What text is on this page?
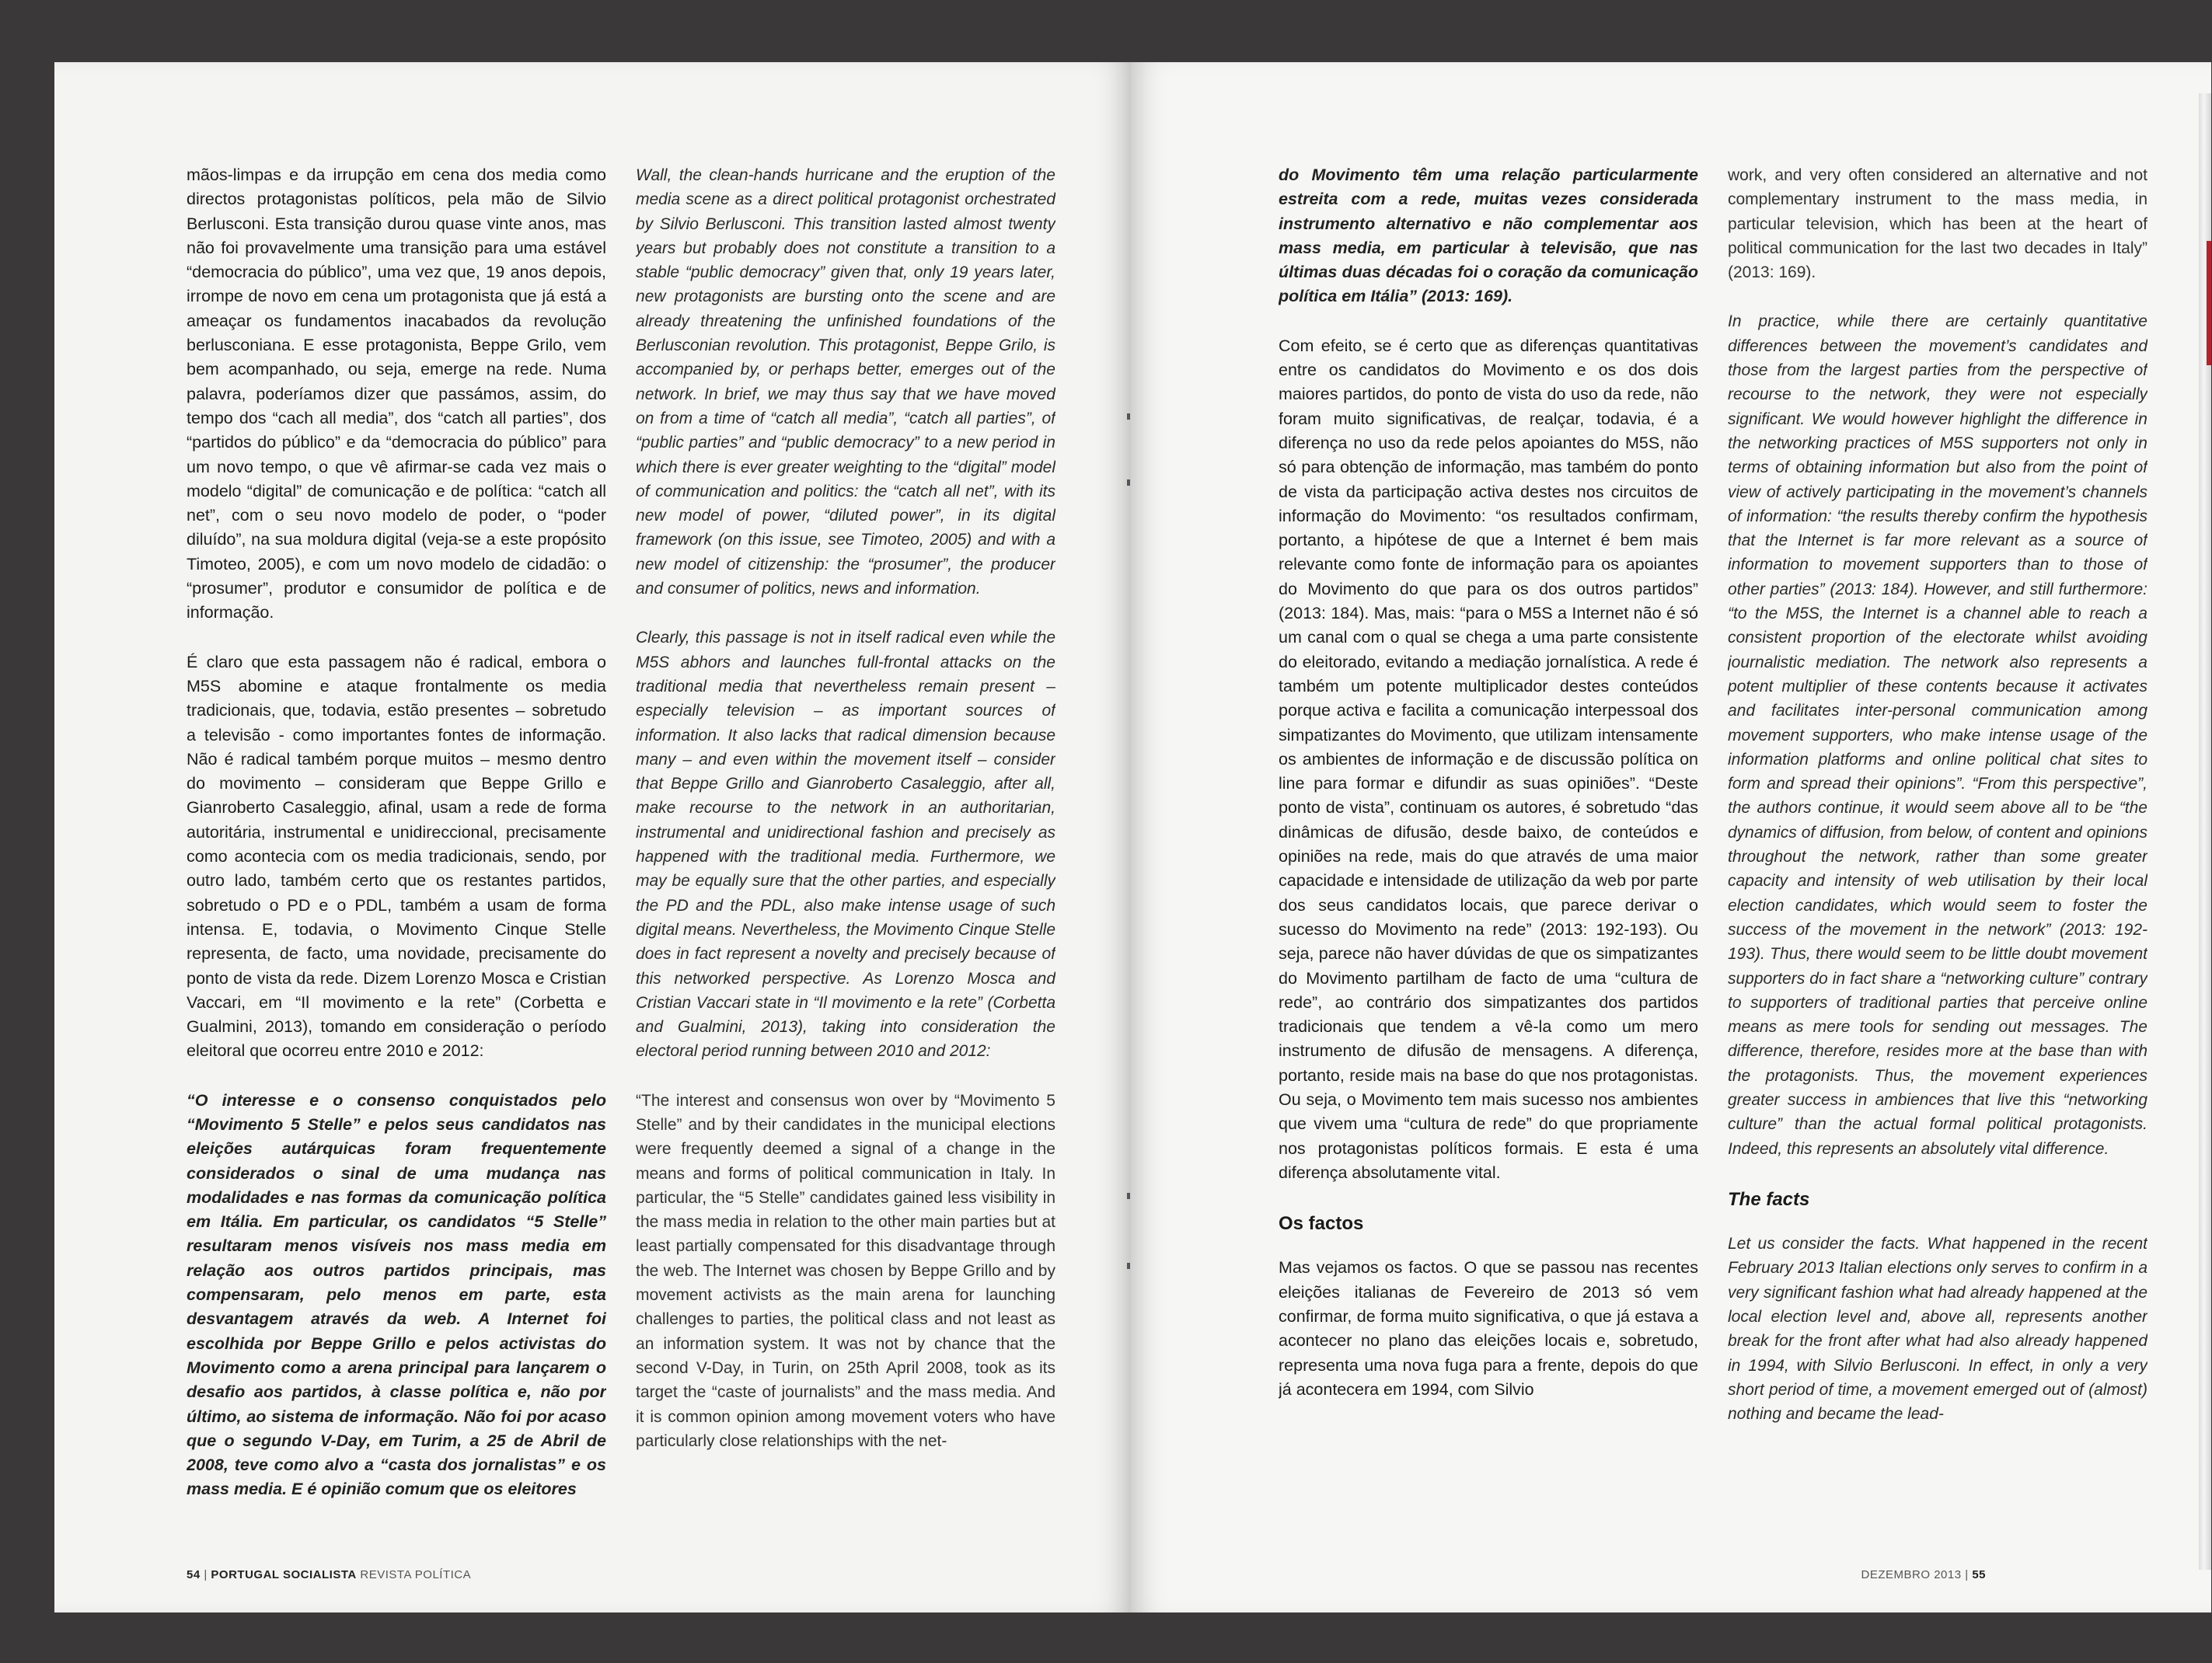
mãos-limpas e da irrupção em cena dos media como directos protagonistas políticos, pela mão de Silvio Berlusconi. Esta transição durou quase vinte anos, mas não foi provavelmente uma transição para uma estável “democracia do público”, uma vez que, 19 anos depois, irrompe de novo em cena um protagonista que já está a ameaçar os fundamentos inacabados da revolução berlusconiana. E esse protagonista, Beppe Grilo, vem bem acompanhado, ou seja, emerge na rede. Numa palavra, poderíamos dizer que passámos, assim, do tempo dos “cach all media”, dos “catch all parties”, dos “partidos do público” e da “democracia do público” para um novo tempo, o que vê afirmar-se cada vez mais o modelo “digital” de comunicação e de política: “catch all net”, com o seu novo modelo de poder, o “poder diluído”, na sua moldura digital (veja-se a este propósito Timoteo, 2005), e com um novo modelo de cidadão: o “prosumer”, produtor e consumidor de política e de informação.

É claro que esta passagem não é radical, embora o M5S abomine e ataque frontalmente os media tradicionais, que, todavia, estão presentes – sobretudo a televisão - como importantes fontes de informação. Não é radical também porque muitos – mesmo dentro do movimento – consideram que Beppe Grillo e Gianroberto Casaleggio, afinal, usam a rede de forma autoritária, instrumental e unidireccional, precisamente como acontecia com os media tradicionais, sendo, por outro lado, também certo que os restantes partidos, sobretudo o PD e o PDL, também a usam de forma intensa. E, todavia, o Movimento Cinque Stelle representa, de facto, uma novidade, precisamente do ponto de vista da rede. Dizem Lorenzo Mosca e Cristian Vaccari, em “Il movimento e la rete” (Corbetta e Gualmini, 2013), tomando em consideração o período eleitoral que ocorreu entre 2010 e 2012:

“O interesse e o consenso conquistados pelo “Movimento 5 Stelle” e pelos seus candidatos nas eleições autárquicas foram frequentemente considerados o sinal de uma mudança nas modalidades e nas formas da comunicação política em Itália. Em particular, os candidatos “5 Stelle” resultaram menos visíveis nos mass media em relação aos outros partidos principais, mas compensaram, pelo menos em parte, esta desvantagem através da web. A Internet foi escolhida por Beppe Grillo e pelos activistas do Movimento como a arena principal para lançarem o desafio aos partidos, à classe política e, não por último, ao sistema de informação. Não foi por acaso que o segundo V-Day, em Turim, a 25 de Abril de 2008, teve como alvo a “casta dos jornalistas” e os mass media. E é opinião comum que os eleitores

Wall, the clean-hands hurricane and the eruption of the media scene as a direct political protagonist orchestrated by Silvio Berlusconi. This transition lasted almost twenty years but probably does not constitute a transition to a stable “public democracy” given that, only 19 years later, new protagonists are bursting onto the scene and are already threatening the unfinished foundations of the Berlusconian revolution. This protagonist, Beppe Grilo, is accompanied by, or perhaps better, emerges out of the network. In brief, we may thus say that we have moved on from a time of “catch all media”, “catch all parties”, of “public parties” and “public democracy” to a new period in which there is ever greater weighting to the “digital” model of communication and politics: the “catch all net”, with its new model of power, “diluted power”, in its digital framework (on this issue, see Timoteo, 2005) and with a new model of citizenship: the “prosumer”, the producer and consumer of politics, news and information.

Clearly, this passage is not in itself radical even while the M5S abhors and launches full-frontal attacks on the traditional media that nevertheless remain present – especially television – as important sources of information. It also lacks that radical dimension because many – and even within the movement itself – consider that Beppe Grillo and Gianroberto Casaleggio, after all, make recourse to the network in an authoritarian, instrumental and unidirectional fashion and precisely as happened with the traditional media. Furthermore, we may be equally sure that the other parties, and especially the PD and the PDL, also make intense usage of such digital means. Nevertheless, the Movimento Cinque Stelle does in fact represent a novelty and precisely because of this networked perspective. As Lorenzo Mosca and Cristian Vaccari state in “Il movimento e la rete” (Corbetta and Gualmini, 2013), taking into consideration the electoral period running between 2010 and 2012:

“The interest and consensus won over by “Movimento 5 Stelle” and by their candidates in the municipal elections were frequently deemed a signal of a change in the means and forms of political communication in Italy. In particular, the “5 Stelle” candidates gained less visibility in the mass media in relation to the other main parties but at least partially compensated for this disadvantage through the web. The Internet was chosen by Beppe Grillo and by movement activists as the main arena for launching challenges to parties, the political class and not least as an information system. It was not by chance that the second V-Day, in Turin, on 25th April 2008, took as its target the “caste of journalists” and the mass media. And it is common opinion among movement voters who have particularly close relationships with the net-

54 | PORTUGAL SOCIALISTA REVISTA POLÍTICA

do Movimento têm uma relação particularmente estreita com a rede, muitas vezes considerada instrumento alternativo e não complementar aos mass media, em particular à televisão, que nas últimas duas décadas foi o coração da comunicação política em Itália” (2013: 169).

Com efeito, se é certo que as diferenças quantitativas entre os candidatos do Movimento e os dos dois maiores partidos, do ponto de vista do uso da rede, não foram muito significativas, de realçar, todavia, é a diferença no uso da rede pelos apoiantes do M5S, não só para obtenção de informação, mas também do ponto de vista da participação activa destes nos circuitos de informação do Movimento: “os resultados confirmam, portanto, a hipótese de que a Internet é bem mais relevante como fonte de informação para os apoiantes do Movimento do que para os dos outros partidos” (2013: 184). Mas, mais: “para o M5S a Internet não é só um canal com o qual se chega a uma parte consistente do eleitorado, evitando a mediação jornalística. A rede é também um potente multiplicador destes conteúdos porque activa e facilita a comunicação interpessoal dos simpatizantes do Movimento, que utilizam intensamente os ambientes de informação e de discussão política on line para formar e difundir as suas opiniões”. “Deste ponto de vista”, continuam os autores, é sobretudo “das dinâmicas de difusão, desde baixo, de conteúdos e opiniões na rede, mais do que através de uma maior capacidade e intensidade de utilização da web por parte dos seus candidatos locais, que parece derivar o sucesso do Movimento na rede” (2013: 192-193). Ou seja, parece não haver dúvidas de que os simpatizantes do Movimento partilham de facto de uma “cultura de rede”, ao contrário dos simpatizantes dos partidos tradicionais que tendem a vê-la como um mero instrumento de difusão de mensagens. A diferença, portanto, reside mais na base do que nos protagonistas. Ou seja, o Movimento tem mais sucesso nos ambientes que vivem uma “cultura de rede” do que propriamente nos protagonistas políticos formais. E esta é uma diferença absolutamente vital.

Os factos

Mas vejamos os factos. O que se passou nas recentes eleições italianas de Fevereiro de 2013 só vem confirmar, de forma muito significativa, o que já estava a acontecer no plano das eleições locais e, sobretudo, representa uma nova fuga para a frente, depois do que já acontecera em 1994, com Silvio

work, and very often considered an alternative and not complementary instrument to the mass media, in particular television, which has been at the heart of political communication for the last two decades in Italy” (2013: 169).

In practice, while there are certainly quantitative differences between the movement’s candidates and those from the largest parties from the perspective of recourse to the network, they were not especially significant. We would however highlight the difference in the networking practices of M5S supporters not only in terms of obtaining information but also from the point of view of actively participating in the movement’s channels of information: “the results thereby confirm the hypothesis that the Internet is far more relevant as a source of information to movement supporters than to those of other parties” (2013: 184). However, and still furthermore: “to the M5S, the Internet is a channel able to reach a consistent proportion of the electorate whilst avoiding journalistic mediation. The network also represents a potent multiplier of these contents because it activates and facilitates inter-personal communication among movement supporters, who make intense usage of the information platforms and online political chat sites to form and spread their opinions”. “From this perspective”, the authors continue, it would seem above all to be “the dynamics of diffusion, from below, of content and opinions throughout the network, rather than some greater capacity and intensity of web utilisation by their local election candidates, which would seem to foster the success of the movement in the network” (2013: 192-193). Thus, there would seem to be little doubt movement supporters do in fact share a “networking culture” contrary to supporters of traditional parties that perceive online means as mere tools for sending out messages. The difference, therefore, resides more at the base than with the protagonists. Thus, the movement experiences greater success in ambiences that live this “networking culture” than the actual formal political protagonists. Indeed, this represents an absolutely vital difference.

The facts

Let us consider the facts. What happened in the recent February 2013 Italian elections only serves to confirm in a very significant fashion what had already happened at the local election level and, above all, represents another break for the front after what had also already happened in 1994, with Silvio Berlusconi. In effect, in only a very short period of time, a movement emerged out of (almost) nothing and became the lead-

DEZEMBRO 2013 | 55
